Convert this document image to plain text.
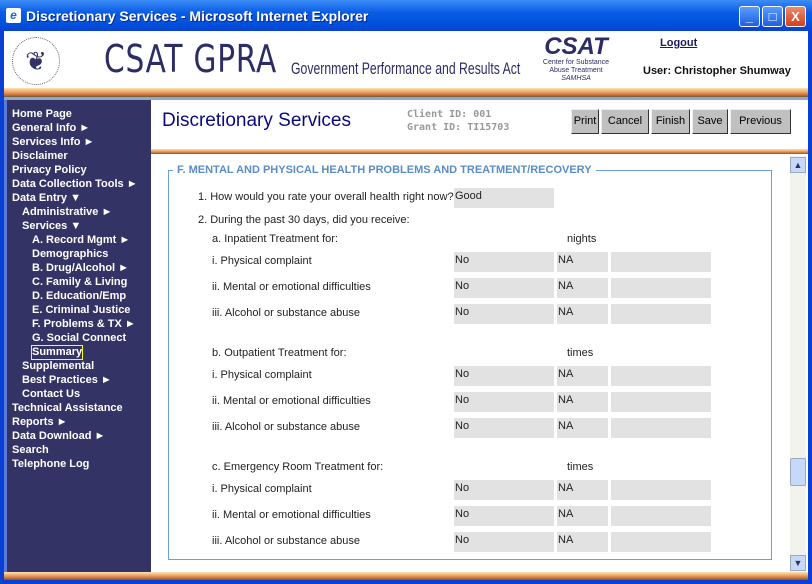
e Discretionary Services - Microsoft Internet Explorer	_	□	X
❦	CSAT GPRA Government Performance and Results Act
CSAT
Center for Substance
Abuse Treatment
SAMHSA
Logout
User: Christopher Shumway
Home Page
General Info ►
Services Info ►
Disclaimer
Privacy Policy
Data Collection Tools ►
Data Entry ▼
Administrative ►
Services ▼
A. Record Mgmt ►
Demographics
B. Drug/Alcohol ►
C. Family & Living
D. Education/Emp
E. Criminal Justice
F. Problems & TX ►
G. Social Connect
Summary
Supplemental
Best Practices ►
Contact Us
Technical Assistance
Reports ►
Data Download ►
Search
Telephone Log
Discretionary Services	Client ID: 001
Grant ID: TI15703
Print	Cancel	Finish	Save	Previous
F. MENTAL AND PHYSICAL HEALTH PROBLEMS AND TREATMENT/RECOVERY
1. How would you rate your overall health right now? Good
2. During the past 30 days, did you receive:
a. Inpatient Treatment for:	nights
i. Physical complaint	No	NA
ii. Mental or emotional difficulties	No	NA
iii. Alcohol or substance abuse	No	NA
b. Outpatient Treatment for:	times
i. Physical complaint	No	NA
ii. Mental or emotional difficulties	No	NA
iii. Alcohol or substance abuse	No	NA
c. Emergency Room Treatment for:	times
i. Physical complaint	No	NA
ii. Mental or emotional difficulties	No	NA
iii. Alcohol or substance abuse	No	NA
▲
▼
